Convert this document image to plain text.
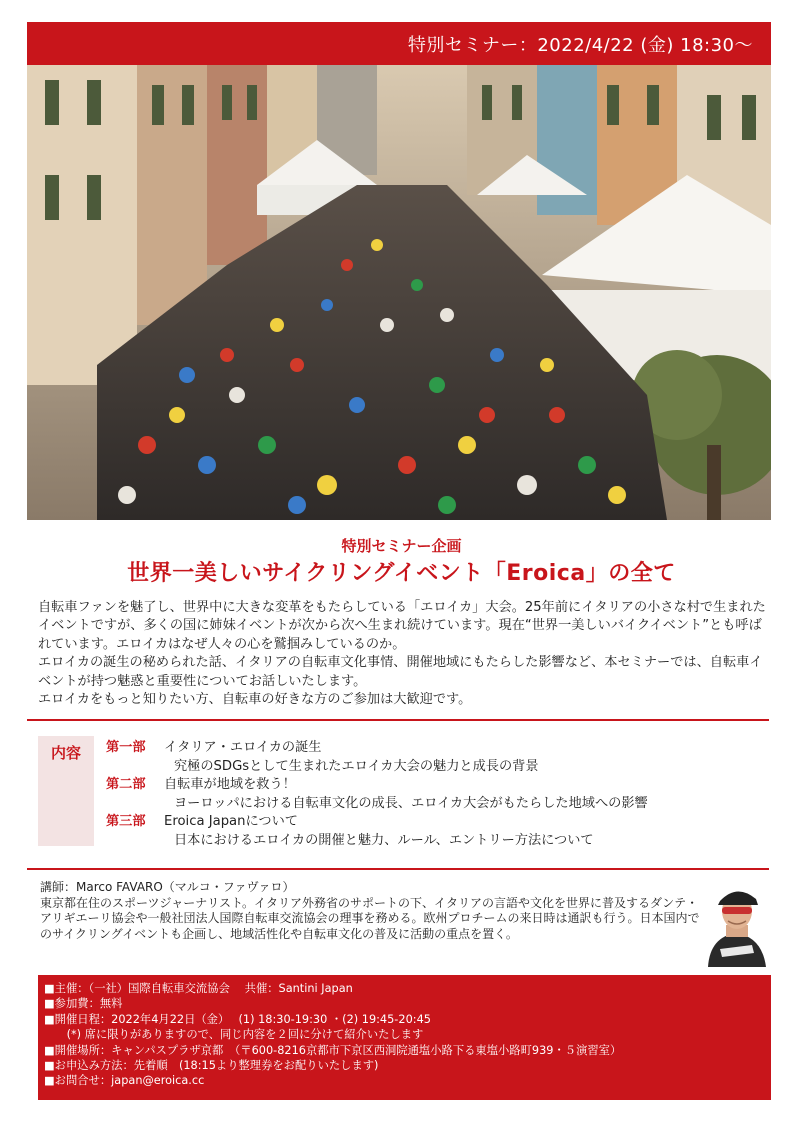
特別セミナー：2022/4/22 (金) 18:30〜
特別セミナー企画
世界一美しいサイクリングイベント「Eroica」の全て

自転車ファンを魅了し、世界中に大きな変革をもたらしている「エロイカ」大会。25年前にイタリアの小さな村で生まれたイベントですが、多くの国に姉妹イベントが次から次へ生まれ続けています。現在“世界一美しいバイクイベント”とも呼ばれています。エロイカはなぜ人々の心を鷲掴みしているのか。

エロイカの誕生の秘められた話、イタリアの自転車文化事情、開催地域にもたらした影響など、本セミナーでは、自転車イベントが持つ魅惑と重要性についてお話しいたします。

エロイカをもっと知りたい方、自転車の好きな方のご参加は大歓迎です。

内容	第一部 イタリア・エロイカの誕生
究極のSDGsとして生まれたエロイカ大会の魅力と成長の背景
第二部 自転車が地域を救う！
ヨーロッパにおける自転車文化の成長、エロイカ大会がもたらした地域への影響
第三部 Eroica Japanについて
日本におけるエロイカの開催と魅力、ルール、エントリー方法について

講師：Marco FAVARO（マルコ・ファヴァロ）

東京都在住のスポーツジャーナリスト。イタリア外務省のサポートの下、イタリアの言語や文化を世界に普及するダンテ・アリギエーリ協会や一般社団法人国際自転車交流協会の理事を務める。欧州プロチームの来日時は通訳も行う。日本国内でのサイクリングイベントも企画し、地域活性化や自転車文化の普及に活動の重点を置く。

■主催：（一社）国際自転車交流協会　 共催：Santini Japan
■参加費：無料
■開催日程：2022年4月22日（金）　 (1) 18:30-19:30 ・(2) 19:45-20:45
　　(*) 席に限りがありますので、同じ内容を２回に分けて紹介いたします
■開催場所：キャンパスプラザ京都　（〒600-8216京都市下京区西洞院通塩小路下る東塩小路町939・５演習室）
■お申込み方法：先着順　(18:15より整理券をお配りいたします)
■お問合せ：japan@eroica.cc
